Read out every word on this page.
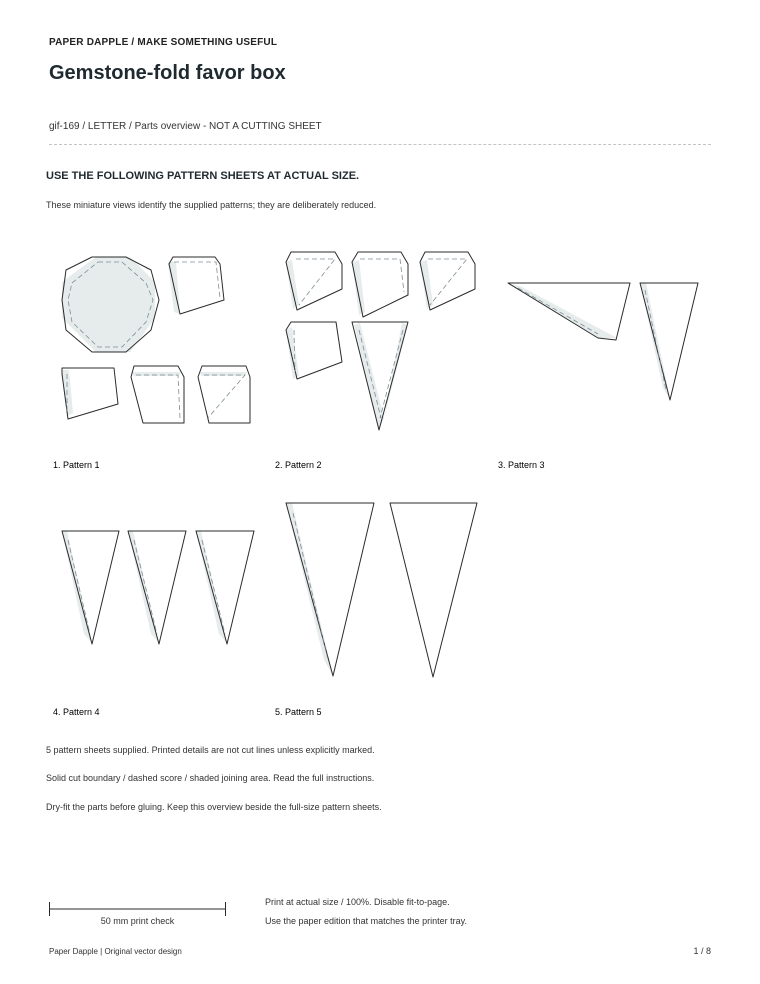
PAPER DAPPLE / MAKE SOMETHING USEFUL
Gemstone-fold favor box
gif-169 / LETTER / Parts overview - NOT A CUTTING SHEET
USE THE FOLLOWING PATTERN SHEETS AT ACTUAL SIZE.
These miniature views identify the supplied patterns; they are deliberately reduced.
1. Pattern 1	2. Pattern 2	3. Pattern 3
4. Pattern 4	5. Pattern 5
5 pattern sheets supplied. Printed details are not cut lines unless explicitly marked.
Solid cut boundary / dashed score / shaded joining area. Read the full instructions.
Dry-fit the parts before gluing. Keep this overview beside the full-size pattern sheets.
50 mm print check
Print at actual size / 100%. Disable fit-to-page.
Use the paper edition that matches the printer tray.
Paper Dapple | Original vector design	1 / 8
